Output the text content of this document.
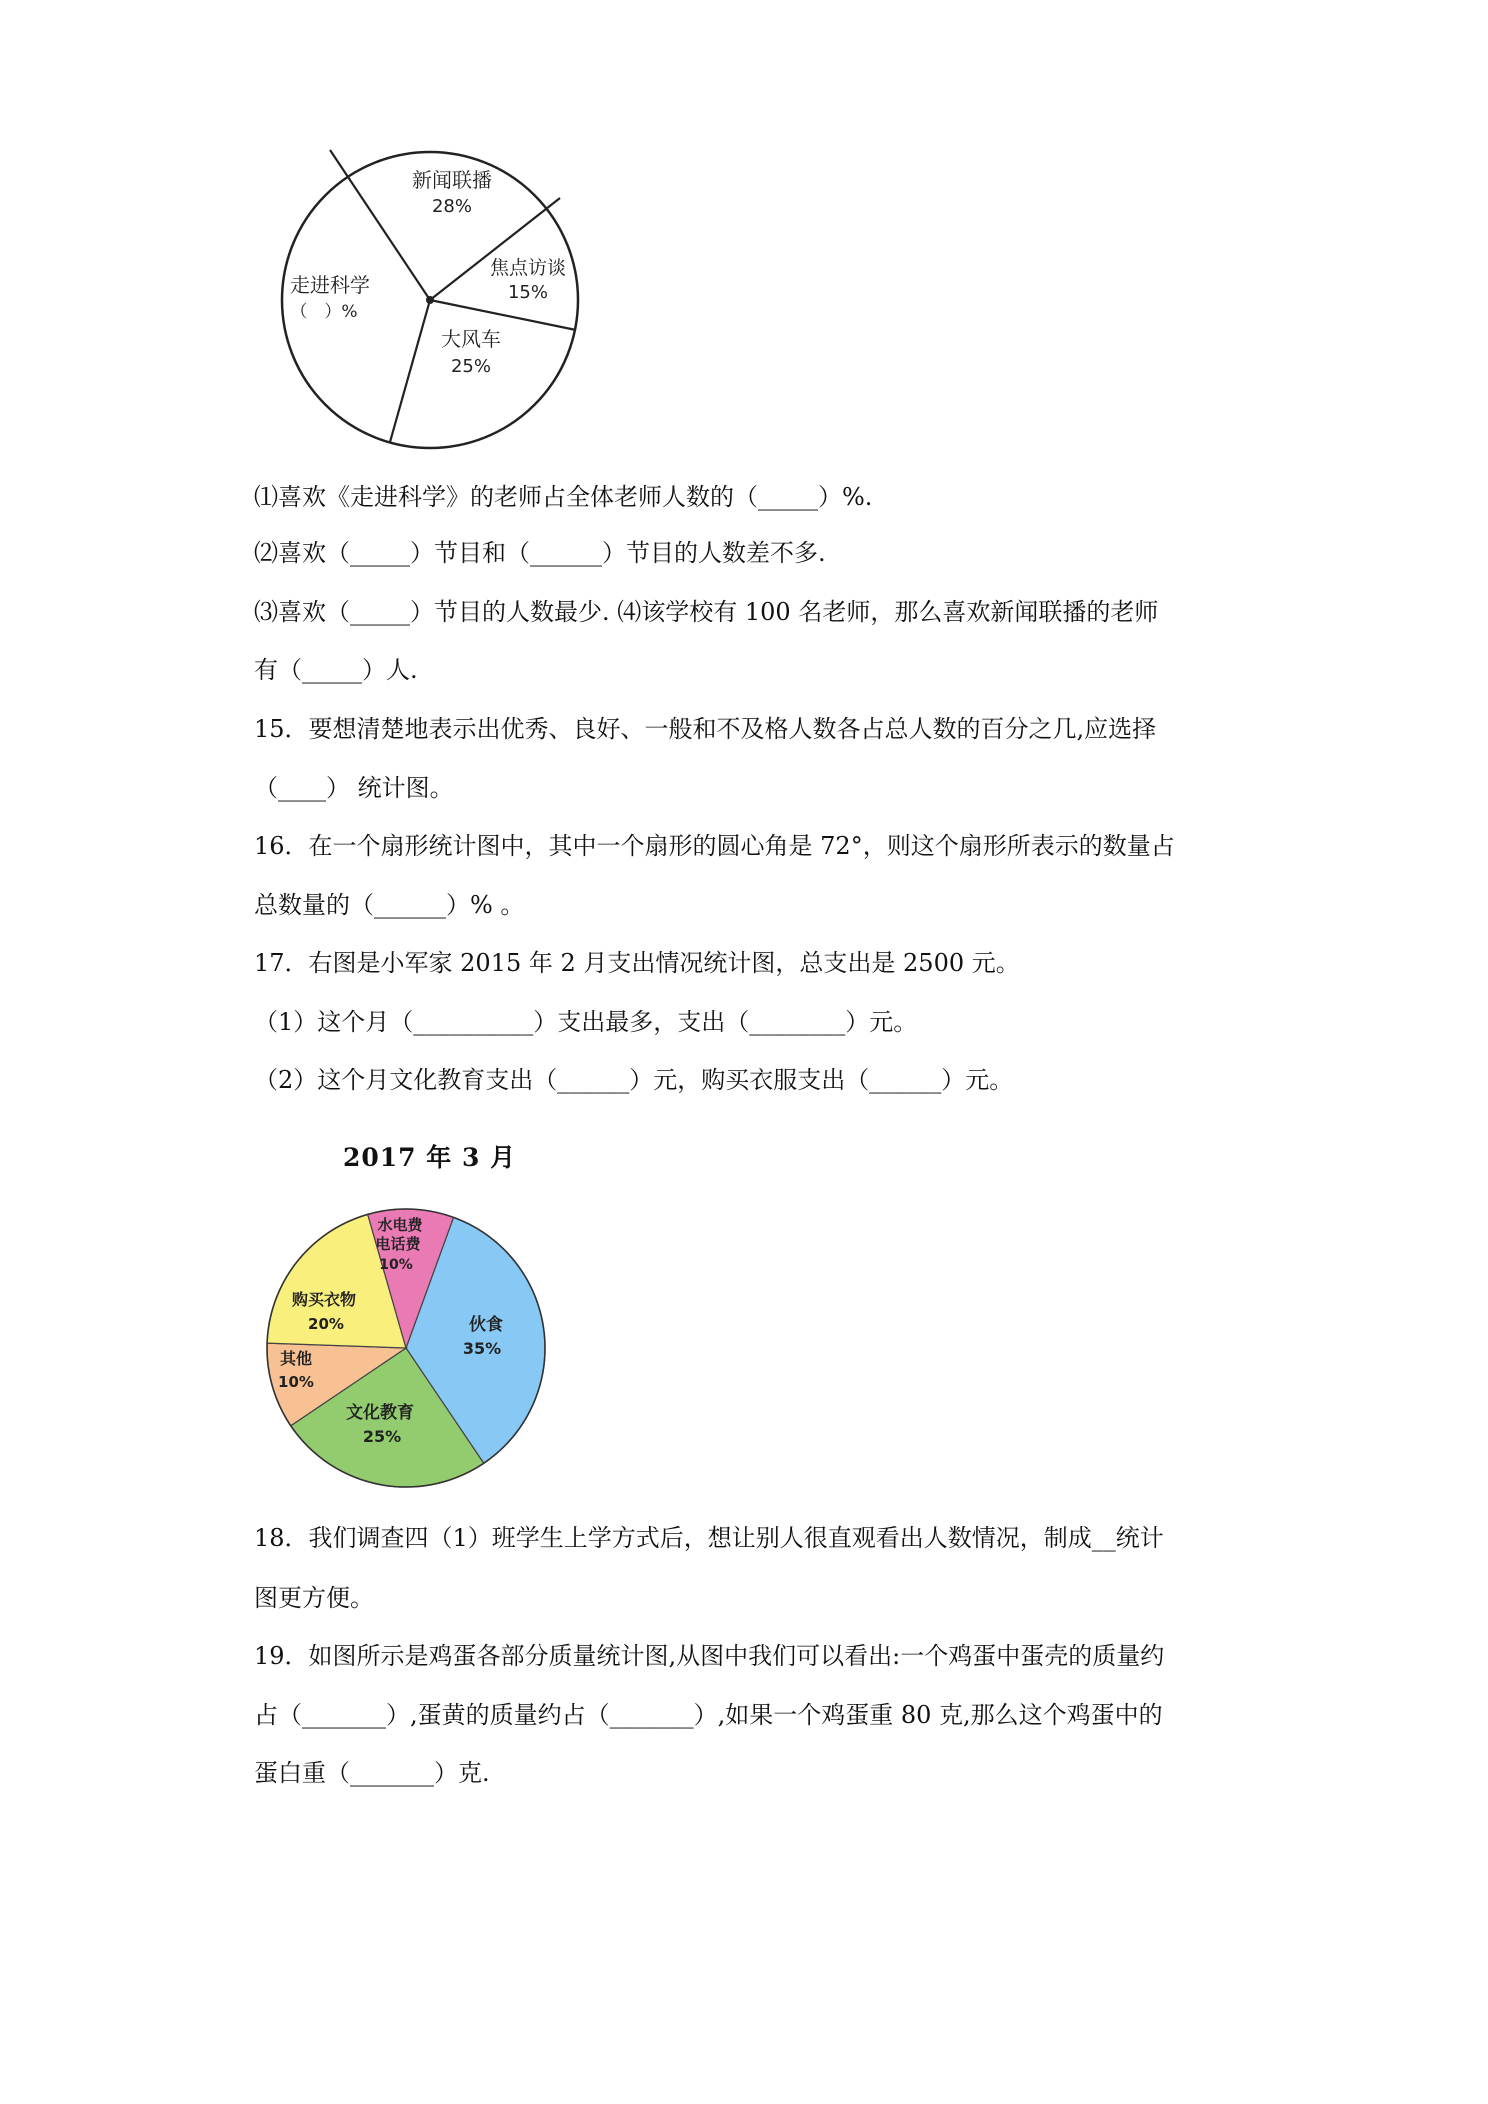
新闻联播
28%
焦点访谈
15%
大风车
25%
走进科学
（　）%
⑴喜欢《走进科学》的老师占全体老师人数的（_____）%.
⑵喜欢（_____）节目和（______）节目的人数差不多.
⑶喜欢（_____）节目的人数最少. ⑷该学校有 100 名老师，那么喜欢新闻联播的老师
有（_____）人.
15．要想清楚地表示出优秀、良好、一般和不及格人数各占总人数的百分之几,应选择
（____） 统计图。
16．在一个扇形统计图中，其中一个扇形的圆心角是 72°，则这个扇形所表示的数量占
总数量的（______）% 。
17．右图是小军家 2015 年 2 月支出情况统计图，总支出是 2500 元。
（1）这个月（__________）支出最多，支出（________）元。
（2）这个月文化教育支出（______）元，购买衣服支出（______）元。
2017 年 3 月
伙食
35%
文化教育
25%
其他
10%
购买衣物
20%
水电费
电话费
10%
18．我们调查四（1）班学生上学方式后，想让别人很直观看出人数情况，制成__统计
图更方便。
19．如图所示是鸡蛋各部分质量统计图,从图中我们可以看出:一个鸡蛋中蛋壳的质量约
占（_______）,蛋黄的质量约占（_______）,如果一个鸡蛋重 80 克,那么这个鸡蛋中的
蛋白重（_______）克.
